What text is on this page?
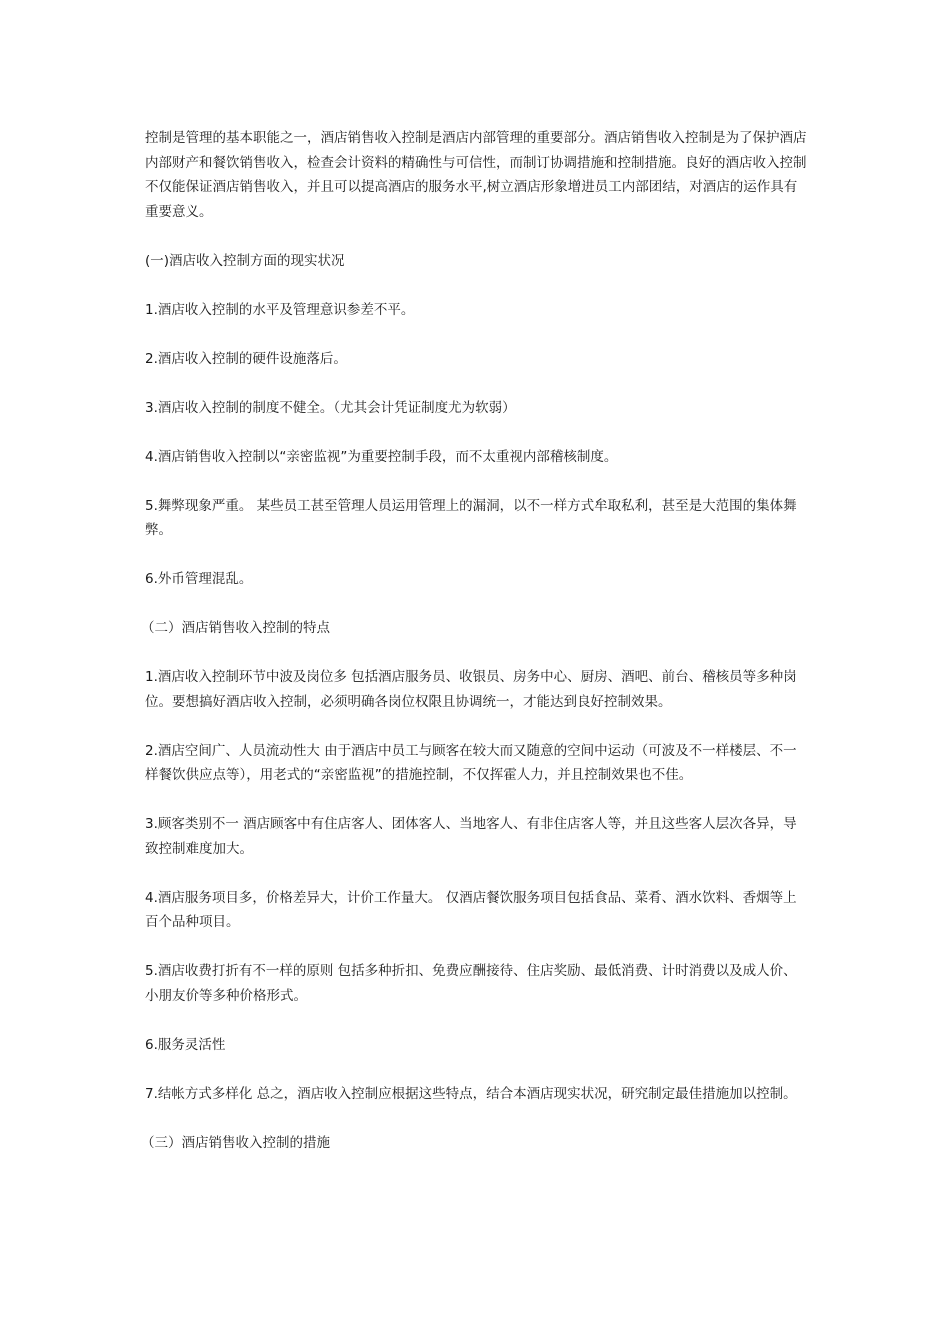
控制是管理的基本职能之一，酒店销售收入控制是酒店内部管理的重要部分。酒店销售收入控制是为了保护酒店内部财产和餐饮销售收入，检查会计资料的精确性与可信性，而制订协调措施和控制措施。良好的酒店收入控制不仅能保证酒店销售收入，并且可以提高酒店的服务水平,树立酒店形象增进员工内部团结，对酒店的运作具有重要意义。

(一)酒店收入控制方面的现实状况

1.酒店收入控制的水平及管理意识参差不平。

2.酒店收入控制的硬件设施落后。

3.酒店收入控制的制度不健全。（尤其会计凭证制度尤为软弱）

4.酒店销售收入控制以“亲密监视”为重要控制手段，而不太重视内部稽核制度。

5.舞弊现象严重。 某些员工甚至管理人员运用管理上的漏洞，以不一样方式牟取私利，甚至是大范围的集体舞弊。

6.外币管理混乱。

（二）酒店销售收入控制的特点

1.酒店收入控制环节中波及岗位多 包括酒店服务员、收银员、房务中心、厨房、酒吧、前台、稽核员等多种岗位。要想搞好酒店收入控制，必须明确各岗位权限且协调统一，才能达到良好控制效果。

2.酒店空间广、人员流动性大 由于酒店中员工与顾客在较大而又随意的空间中运动（可波及不一样楼层、不一样餐饮供应点等），用老式的“亲密监视”的措施控制，不仅挥霍人力，并且控制效果也不佳。

3.顾客类别不一 酒店顾客中有住店客人、团体客人、当地客人、有非住店客人等，并且这些客人层次各异，导致控制难度加大。

4.酒店服务项目多，价格差异大，计价工作量大。 仅酒店餐饮服务项目包括食品、菜肴、酒水饮料、香烟等上百个品种项目。

5.酒店收费打折有不一样的原则 包括多种折扣、免费应酬接待、住店奖励、最低消费、计时消费以及成人价、小朋友价等多种价格形式。

6.服务灵活性

7.结帐方式多样化 总之，酒店收入控制应根据这些特点，结合本酒店现实状况，研究制定最佳措施加以控制。

（三）酒店销售收入控制的措施
